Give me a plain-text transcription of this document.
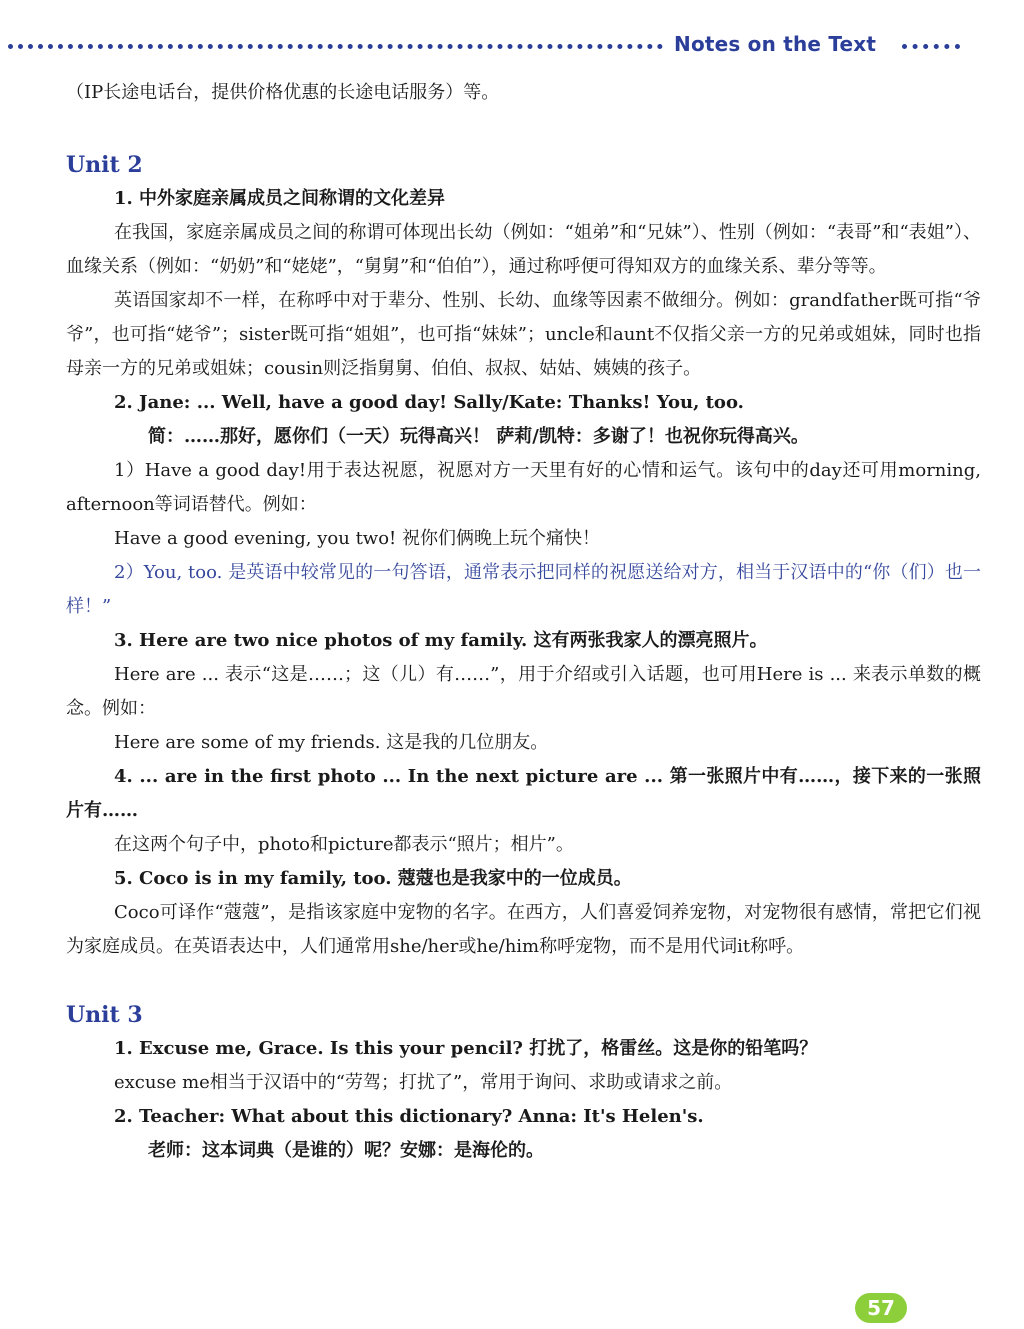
Notes on the Text

（IP长途电话台，提供价格优惠的长途电话服务）等。

Unit 2

1. 中外家庭亲属成员之间称谓的文化差异

在我国，家庭亲属成员之间的称谓可体现出长幼（例如：“姐弟”和“兄妹”）、性别（例如：“表哥”和“表姐”）、血缘关系（例如：“奶奶”和“姥姥”，“舅舅”和“伯伯”），通过称呼便可得知双方的血缘关系、辈分等等。

英语国家却不一样，在称呼中对于辈分、性别、长幼、血缘等因素不做细分。例如：grandfather既可指“爷爷”，也可指“姥爷”；sister既可指“姐姐”，也可指“妹妹”；uncle和aunt不仅指父亲一方的兄弟或姐妹，同时也指母亲一方的兄弟或姐妹；cousin则泛指舅舅、伯伯、叔叔、姑姑、姨姨的孩子。

2. Jane: ... Well, have a good day! Sally/Kate: Thanks! You, too.

简：……那好，愿你们（一天）玩得高兴！ 萨莉/凯特：多谢了！也祝你玩得高兴。

1）Have a good day!用于表达祝愿，祝愿对方一天里有好的心情和运气。该句中的day还可用morning, afternoon等词语替代。例如：

Have a good evening, you two! 祝你们俩晚上玩个痛快！

2）You, too. 是英语中较常见的一句答语，通常表示把同样的祝愿送给对方，相当于汉语中的“你（们）也一样！”

3. Here are two nice photos of my family. 这有两张我家人的漂亮照片。

Here are ... 表示“这是……；这（儿）有……”，用于介绍或引入话题，也可用Here is ... 来表示单数的概念。例如：

Here are some of my friends. 这是我的几位朋友。

4. ... are in the first photo ... In the next picture are ... 第一张照片中有……，接下来的一张照片有……

在这两个句子中，photo和picture都表示“照片；相片”。

5. Coco is in my family, too. 蔻蔻也是我家中的一位成员。

Coco可译作“蔻蔻”，是指该家庭中宠物的名字。在西方，人们喜爱饲养宠物，对宠物很有感情，常把它们视为家庭成员。在英语表达中，人们通常用she/her或he/him称呼宠物，而不是用代词it称呼。

Unit 3

1. Excuse me, Grace. Is this your pencil? 打扰了，格雷丝。这是你的铅笔吗？

excuse me相当于汉语中的“劳驾；打扰了”，常用于询问、求助或请求之前。

2. Teacher: What about this dictionary? Anna: It's Helen's.

老师：这本词典（是谁的）呢？安娜：是海伦的。

57
